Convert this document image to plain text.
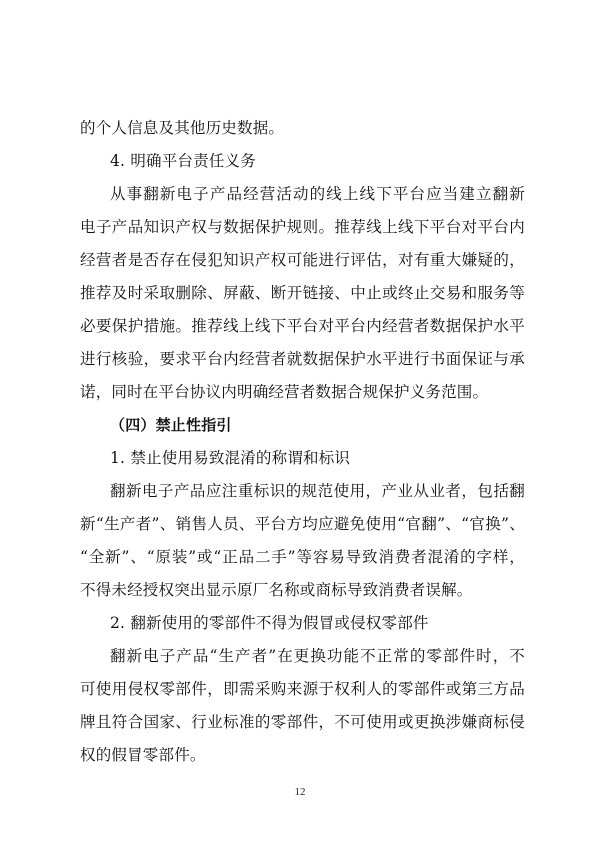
的个人信息及其他历史数据。
4. 明确平台责任义务
从事翻新电子产品经营活动的线上线下平台应当建立翻新
电子产品知识产权与数据保护规则。推荐线上线下平台对平台内
经营者是否存在侵犯知识产权可能进行评估，对有重大嫌疑的，
推荐及时采取删除、屏蔽、断开链接、中止或终止交易和服务等
必要保护措施。推荐线上线下平台对平台内经营者数据保护水平
进行核验，要求平台内经营者就数据保护水平进行书面保证与承
诺，同时在平台协议内明确经营者数据合规保护义务范围。
（四）禁止性指引
1. 禁止使用易致混淆的称谓和标识
翻新电子产品应注重标识的规范使用，产业从业者，包括翻
新“生产者”、销售人员、平台方均应避免使用“官翻”、“官换”、
“全新”、“原装”或“正品二手”等容易导致消费者混淆的字样，
不得未经授权突出显示原厂名称或商标导致消费者误解。
2. 翻新使用的零部件不得为假冒或侵权零部件
翻新电子产品“生产者”在更换功能不正常的零部件时，不
可使用侵权零部件，即需采购来源于权利人的零部件或第三方品
牌且符合国家、行业标准的零部件，不可使用或更换涉嫌商标侵
权的假冒零部件。
12
